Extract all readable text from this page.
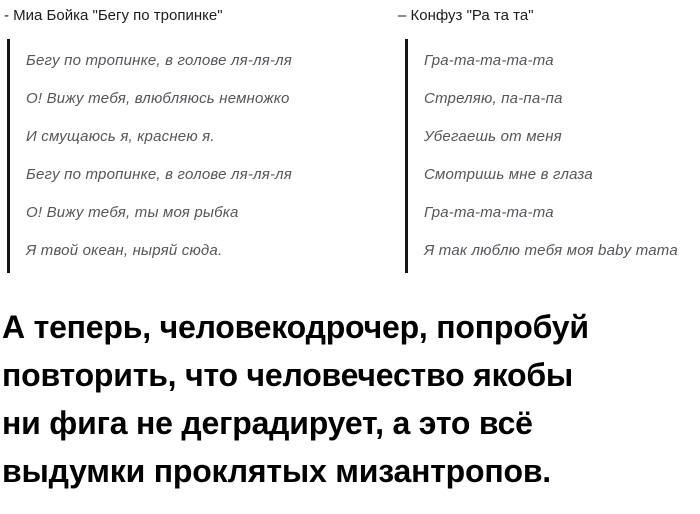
- Миа Бойка "Бегу по тропинке"	– Конфуз "Ра та та"
Бегу по тропинке, в голове ля-ля-ля
О! Вижу тебя, влюбляюсь немножко
И смущаюсь я, краснею я.
Бегу по тропинке, в голове ля-ля-ля
О! Вижу тебя, ты моя рыбка
Я твой океан, ныряй сюда.
Гра-та-та-та-та
Стреляю, па-па-па
Убегаешь от меня
Смотришь мне в глаза
Гра-та-та-та-та
Я так люблю тебя моя baby тата
А теперь, человекодрочер, попробуй
повторить, что человечество якобы
ни фига не деградирует, а это всё
выдумки проклятых мизантропов.
